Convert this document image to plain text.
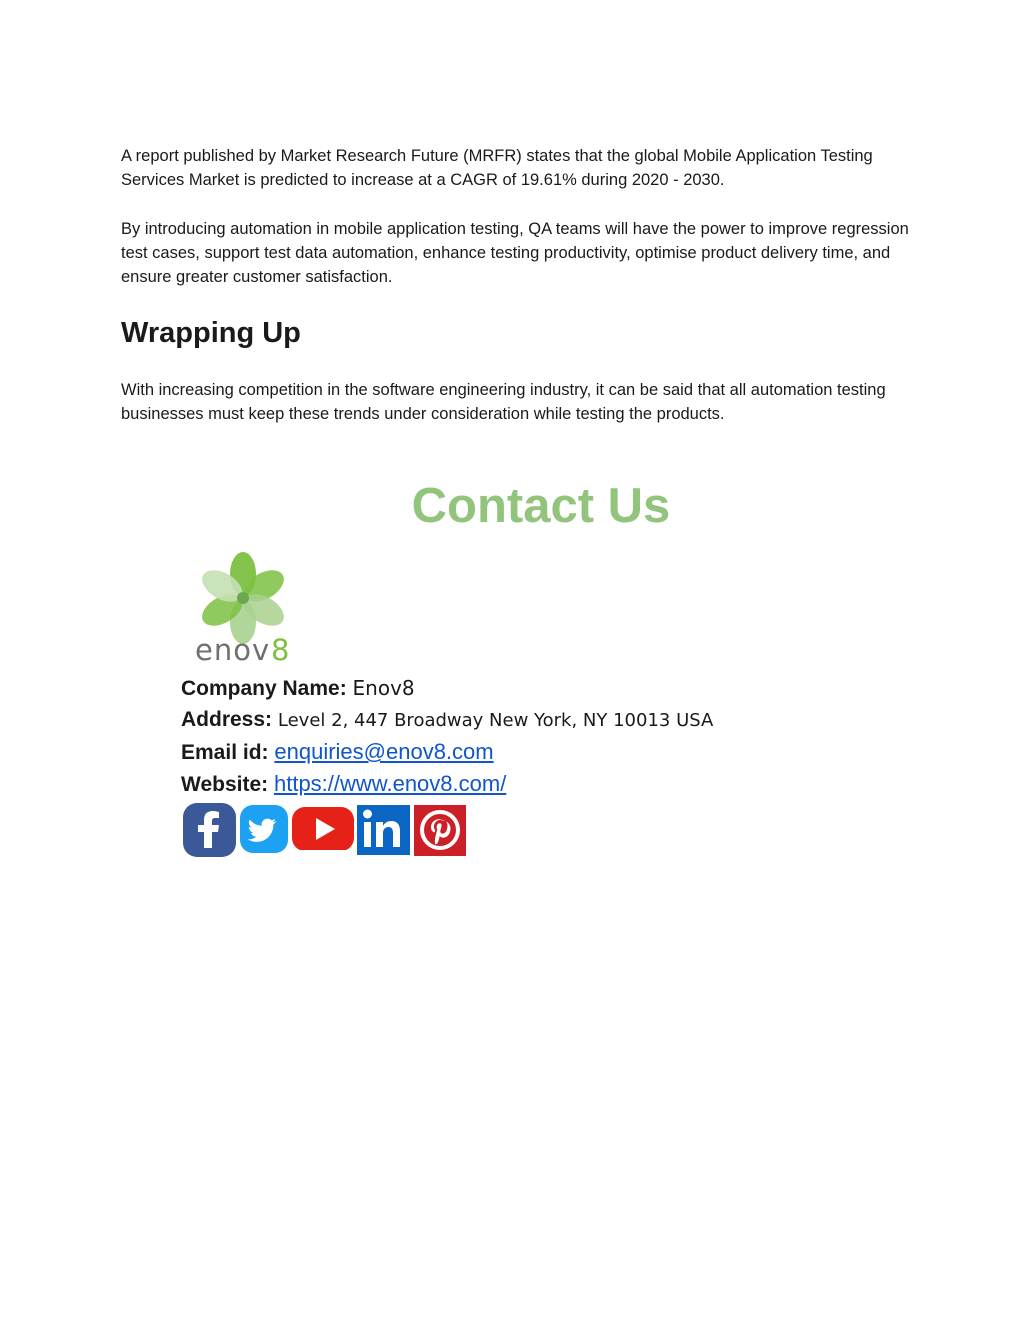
A report published by Market Research Future (MRFR) states that the global Mobile Application Testing Services Market is predicted to increase at a CAGR of 19.61% during 2020 - 2030.

By introducing automation in mobile application testing, QA teams will have the power to improve regression test cases, support test data automation, enhance testing productivity, optimise product delivery time, and ensure greater customer satisfaction.

Wrapping Up

With increasing competition in the software engineering industry, it can be said that all automation testing businesses must keep these trends under consideration while testing the products.

Contact Us
enov 8

Company Name: Enov8

Address: Level 2, 447 Broadway New York, NY 10013 USA

Email id: enquiries@enov8.com

Website: https://www.enov8.com/
